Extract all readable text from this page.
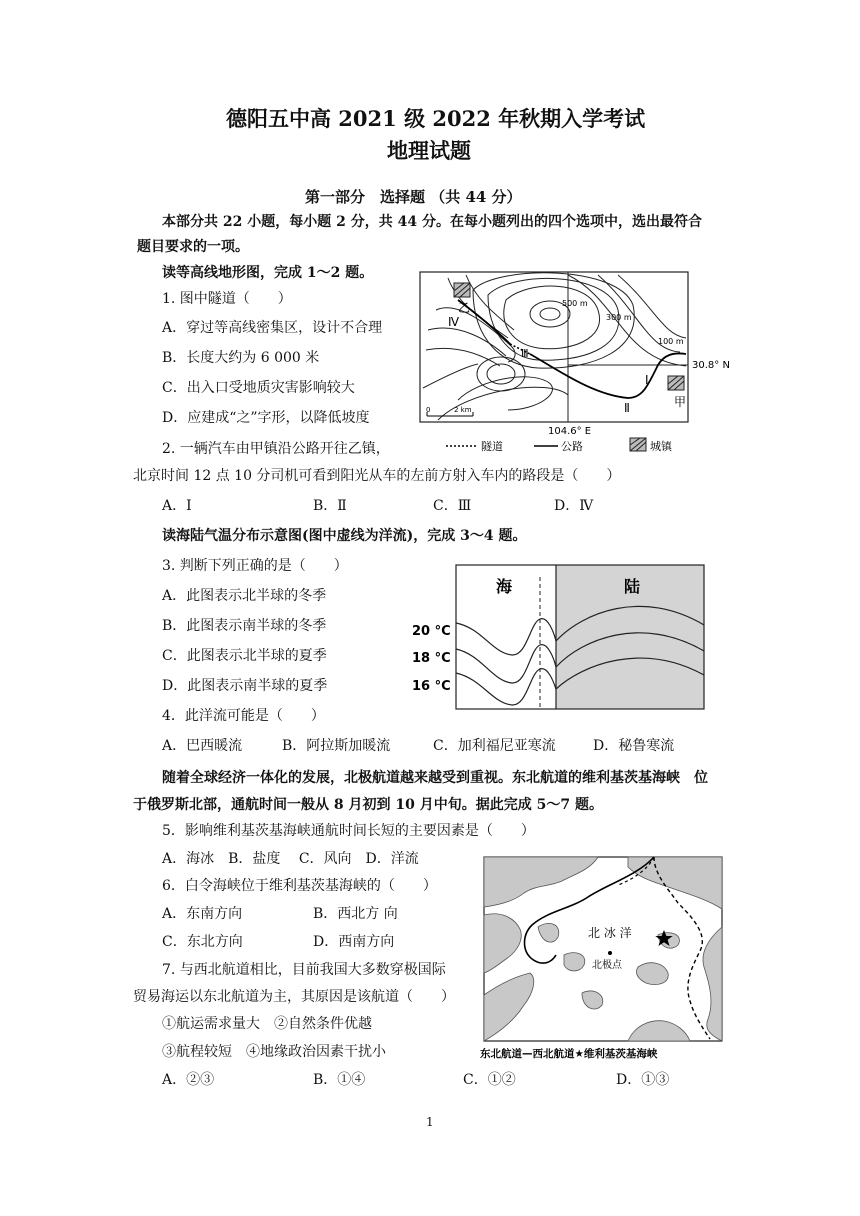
德阳五中高 2021 级 2022 年秋期入学考试
地理试题
第一部分　选择题 （共 44 分）
本部分共 22 小题，每小题 2 分，共 44 分。在每小题列出的四个选项中，选出最符合
题目要求的一项。
读等高线地形图，完成 1～2 题。
1. 图中隧道（　　）
A．穿过等高线密集区，设计不合理
B．长度大约为 6 000 米
C．出入口受地质灾害影响较大
D．应建成“之”字形，以降低坡度
2. 一辆汽车由甲镇沿公路开往乙镇，
北京时间 12 点 10 分司机可看到阳光从车的左前方射入车内的路段是（　　）
A．Ⅰ	B．Ⅱ	C．Ⅲ	D．Ⅳ
500 m
300 m
100 m
乙
甲
Ⅰ
Ⅱ
Ⅲ
Ⅳ
30.8° N
104.6° E
0	2 km
隧道	公路	城镇
读海陆气温分布示意图(图中虚线为洋流)，完成 3～4 题。
3. 判断下列正确的是（　　）
A．此图表示北半球的冬季
B．此图表示南半球的冬季
C．此图表示北半球的夏季
D．此图表示南半球的夏季
4．此洋流可能是（　　）
A．巴西暖流	B．阿拉斯加暖流	C．加利福尼亚寒流	D．秘鲁寒流
海	陆
20 °C
18 °C
16 °C
随着全球经济一体化的发展，北极航道越来越受到重视。东北航道的维利基茨基海峡　位
于俄罗斯北部，通航时间一般从 8 月初到 10 月中旬。据此完成 5～7 题。
5．影响维利基茨基海峡通航时间长短的主要因素是（　　）
A．海冰　B．盐度　 C．风向　D．洋流
6．白令海峡位于维利基茨基海峡的（　　）
A．东南方向	B．西北方 向
C．东北方向	D．西南方向
7. 与西北航道相比，目前我国大多数穿极国际
贸易海运以东北航道为主，其原因是该航道（　　）
①航运需求量大　②自然条件优越
③航程较短　④地缘政治因素干扰小
A．②③	B．①④	C．①②	D．①③
北 冰 洋
北极点
东北航道—西北航道★维利基茨基海峡
1
